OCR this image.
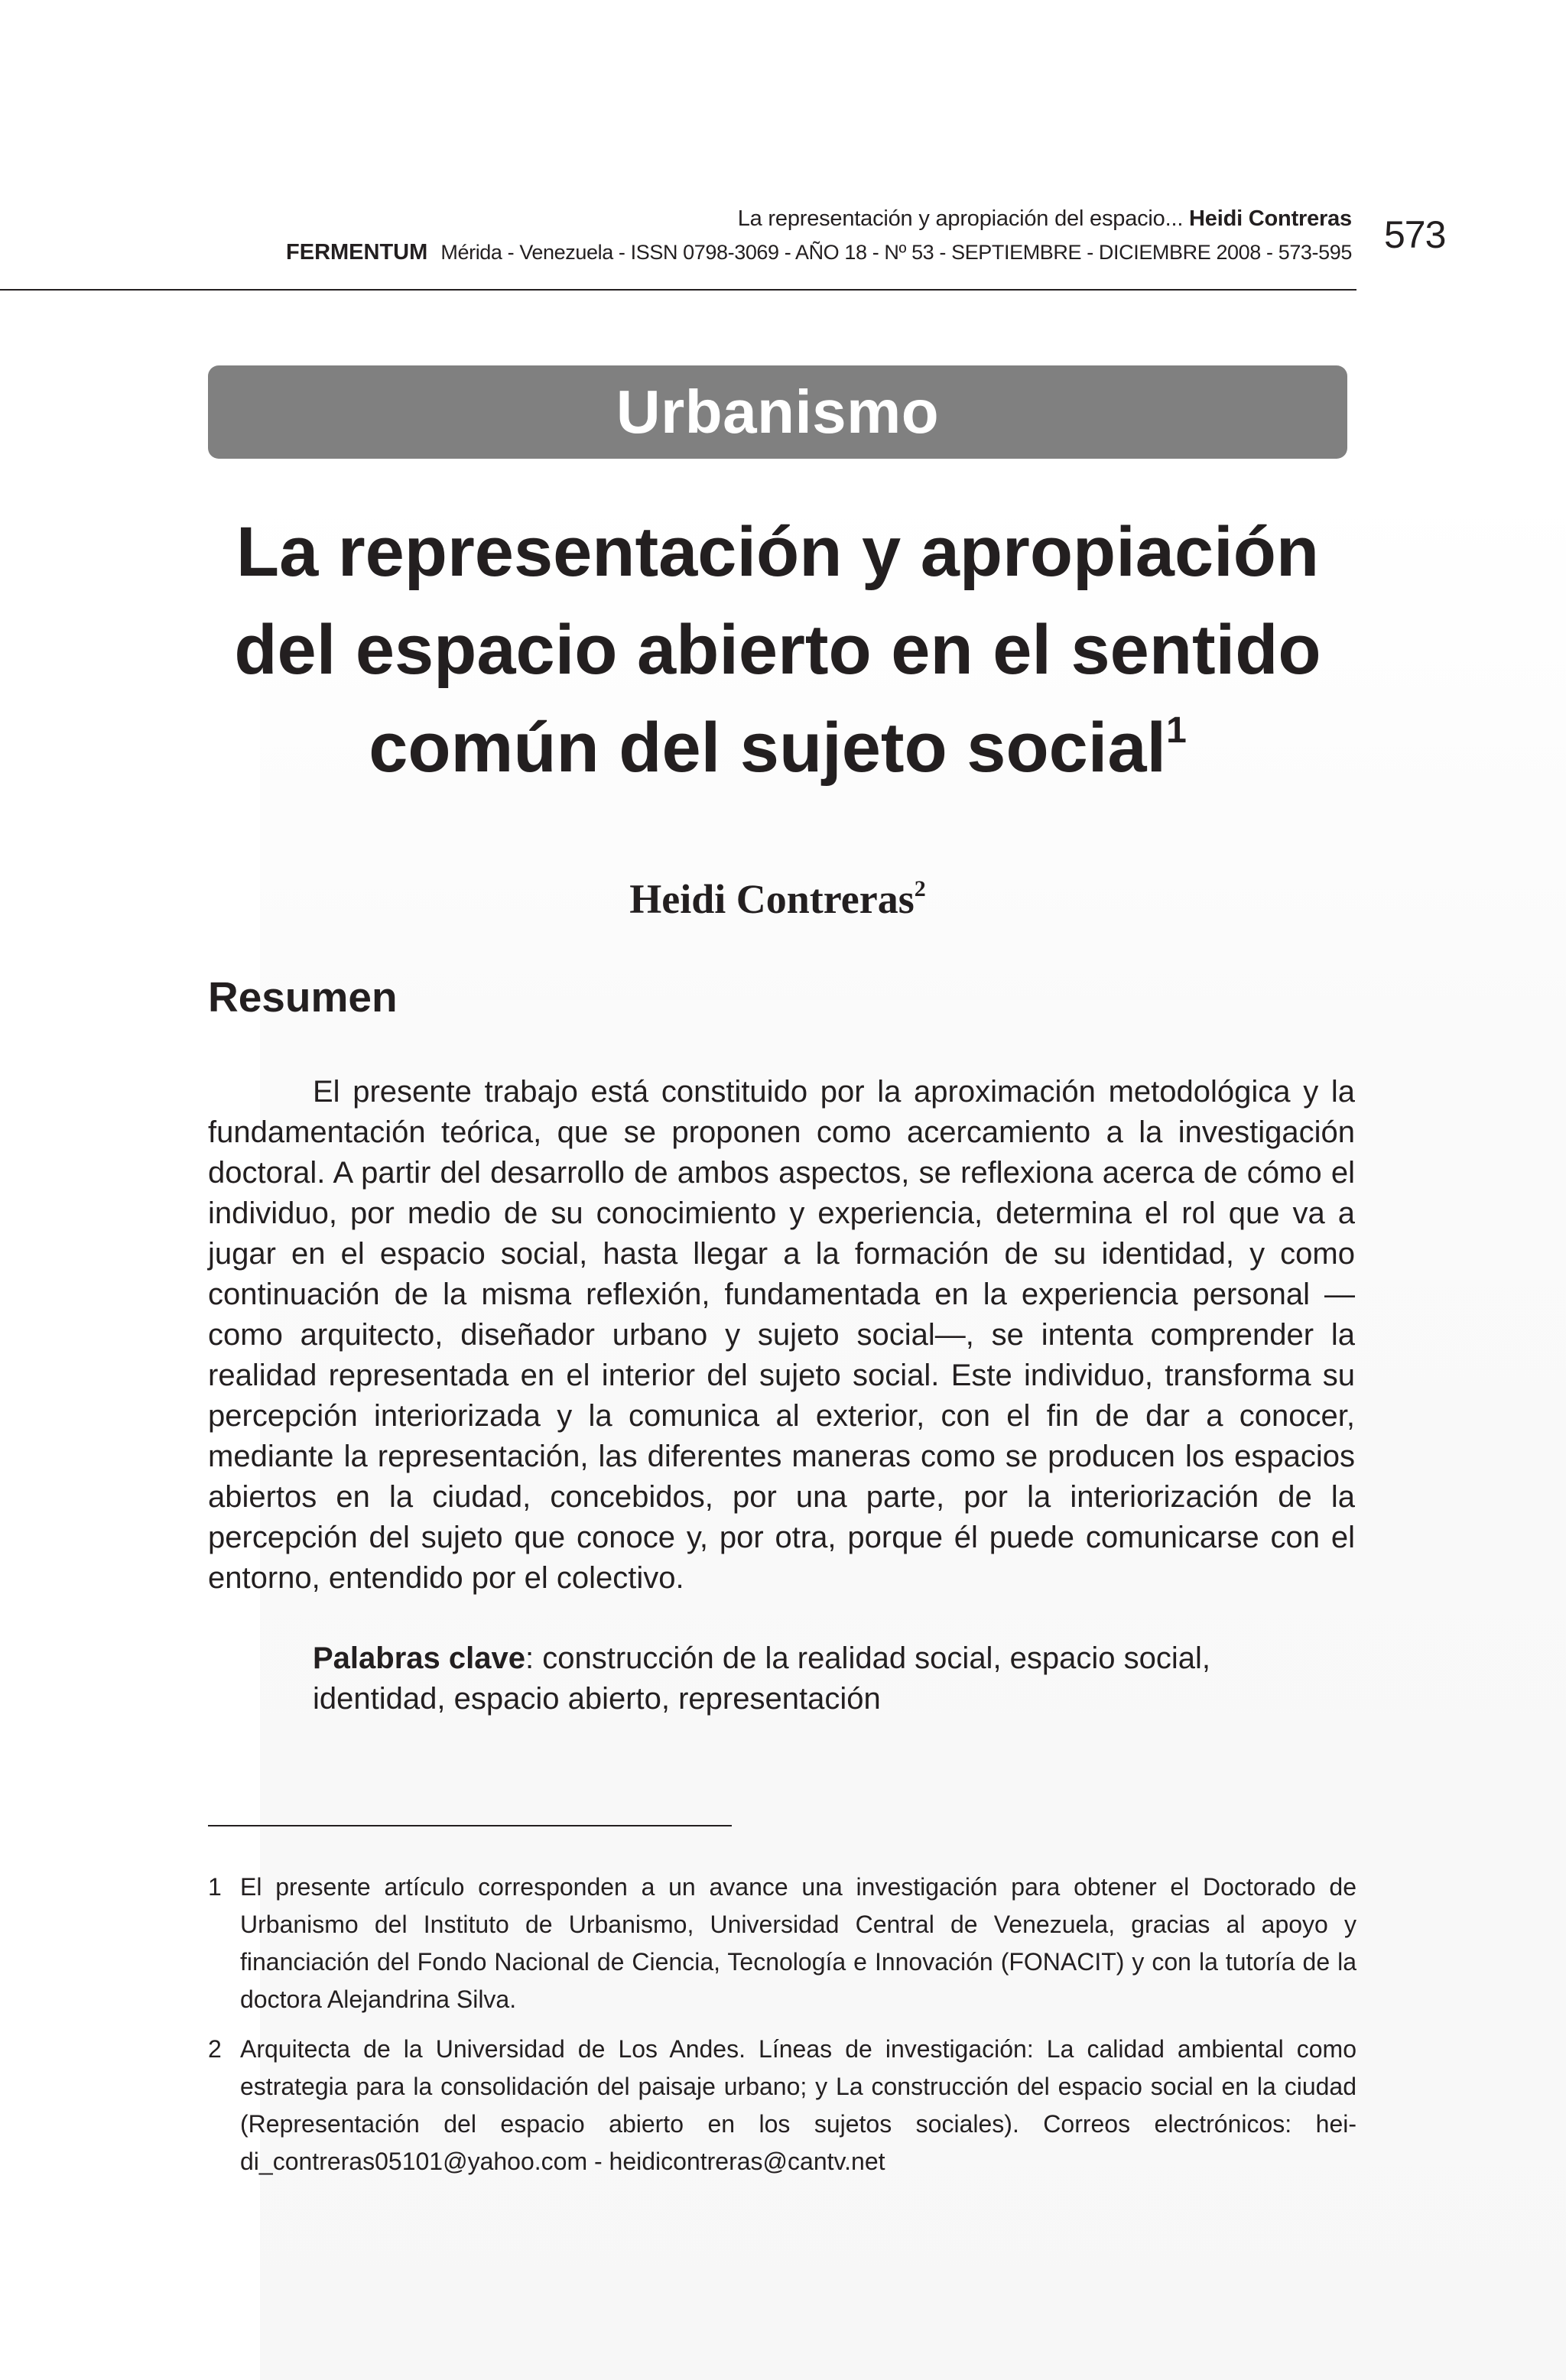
La representación y apropiación del espacio... Heidi Contreras
FERMENTUM Mérida - Venezuela - ISSN 0798-3069 - AÑO 18 - Nº 53 - SEPTIEMBRE - DICIEMBRE 2008 - 573-595 573
Urbanismo
La representación y apropiación
del espacio abierto en el sentido
común del sujeto social$^1$
Heidi Contreras$^2$
Resumen
El presente trabajo está constituido por la aproximación metodológica y la fundamentación teórica, que se proponen como acercamiento a la investigación doctoral. A partir del desarrollo de ambos aspectos, se reflexiona acerca de cómo el individuo, por medio de su conocimiento y experiencia, determina el rol que va a jugar en el espacio social, hasta llegar a la formación de su identidad, y como continuación de la misma reflexión, fundamentada en la experiencia personal —como arquitecto, diseñador urbano y sujeto social—, se intenta comprender la realidad representada en el interior del sujeto social. Este individuo, transforma su percepción interiorizada y la comunica al exterior, con el fin de dar a conocer, mediante la representación, las diferentes maneras como se producen los espacios abiertos en la ciudad, concebidos, por una parte, por la interiorización de la percepción del sujeto que conoce y, por otra, porque él puede comunicarse con el entorno, entendido por el colectivo.
Palabras clave: construcción de la realidad social, espacio social, identidad, espacio abierto, representación
1 El presente artículo corresponden a un avance una investigación para obtener el Doctorado de Urbanismo del Instituto de Urbanismo, Universidad Central de Venezuela, gracias al apoyo y financiación del Fondo Nacional de Ciencia, Tecnología e Innovación (FONACIT) y con la tutoría de la doctora Alejandrina Silva.
2 Arquitecta de la Universidad de Los Andes. Líneas de investigación: La calidad ambiental como estrategia para la consolidación del paisaje urbano; y La construcción del espacio social en la ciudad (Representación del espacio abierto en los sujetos sociales). Correos electrónicos: hei-di_contreras05101@yahoo.com - heidicontreras@cantv.net
